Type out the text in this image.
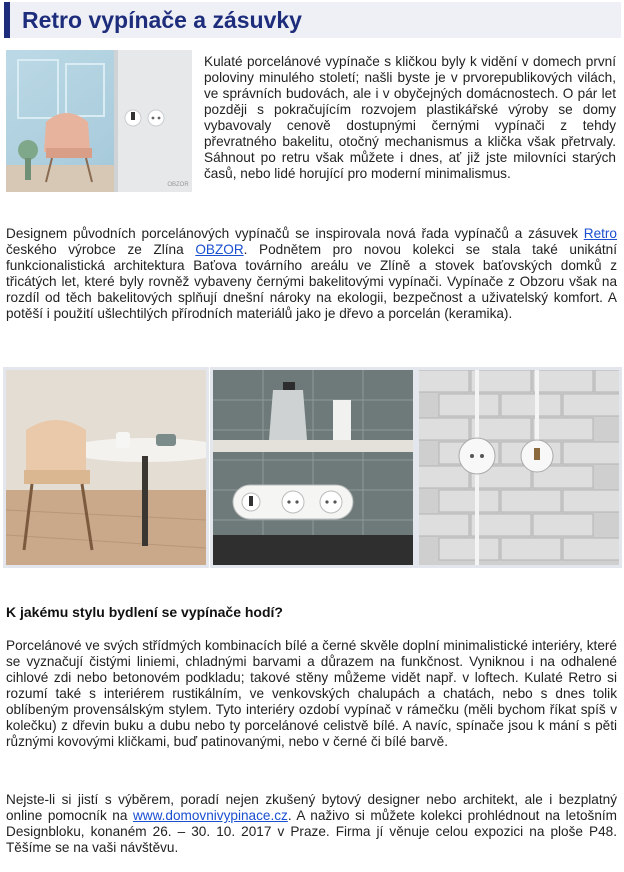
Retro vypínače a zásuvky
OBZOR

Kulaté porcelánové vypínače s kličkou byly k vidění v domech první poloviny minulého století; našli byste je v prvorepublikových vilách, ve správních budovách, ale i v obyčejných domácnostech. O pár let později s pokračujícím rozvojem plastikářské výroby se domy vybavovaly cenově dostupnými černými vypínači z tehdy převratného bakelitu, otočný mechanismus a klička však přetrvaly. Sáhnout po retru však můžete i dnes, ať již jste milovníci starých časů, nebo lidé horující pro moderní minimalismus.

Designem původních porcelánových vypínačů se inspirovala nová řada vypínačů a zásuvek Retro českého výrobce ze Zlína OBZOR. Podnětem pro novou kolekci se stala také unikátní funkcionalistická architektura Baťova továrního areálu ve Zlíně a stovek baťovských domků z třicátých let, které byly rovněž vybaveny černými bakelitovými vypínači. Vypínače z Obzoru však na rozdíl od těch bakelitových splňují dnešní nároky na ekologii, bezpečnost a uživatelský komfort. A potěší i použití ušlechtilých přírodních materiálů jako je dřevo a porcelán (keramika).

K jakému stylu bydlení se vypínače hodí?

Porcelánové ve svých střídmých kombinacích bílé a černé skvěle doplní minimalistické interiéry, které se vyznačují čistými liniemi, chladnými barvami a důrazem na funkčnost. Vyniknou i na odhalené cihlové zdi nebo betonovém podkladu; takové stěny můžeme vidět např. v loftech. Kulaté Retro si rozumí také s interiérem rustikálním, ve venkovských chalupách a chatách, nebo s dnes tolik oblíbeným provensálským stylem. Tyto interiéry ozdobí vypínač v rámečku (měli bychom říkat spíš v kolečku) z dřevin buku a dubu nebo ty porcelánové celistvě bílé. A navíc, spínače jsou k mání s pěti různými kovovými kličkami, buď patinovanými, nebo v černé či bílé barvě.

Nejste-li si jistí s výběrem, poradí nejen zkušený bytový designer nebo architekt, ale i bezplatný online pomocník na www.domovnivypinace.cz. A naživo si můžete kolekci prohlédnout na letošním Designbloku, konaném 26. – 30. 10. 2017 v Praze. Firma jí věnuje celou expozici na ploše P48. Těšíme se na vaši návštěvu.
